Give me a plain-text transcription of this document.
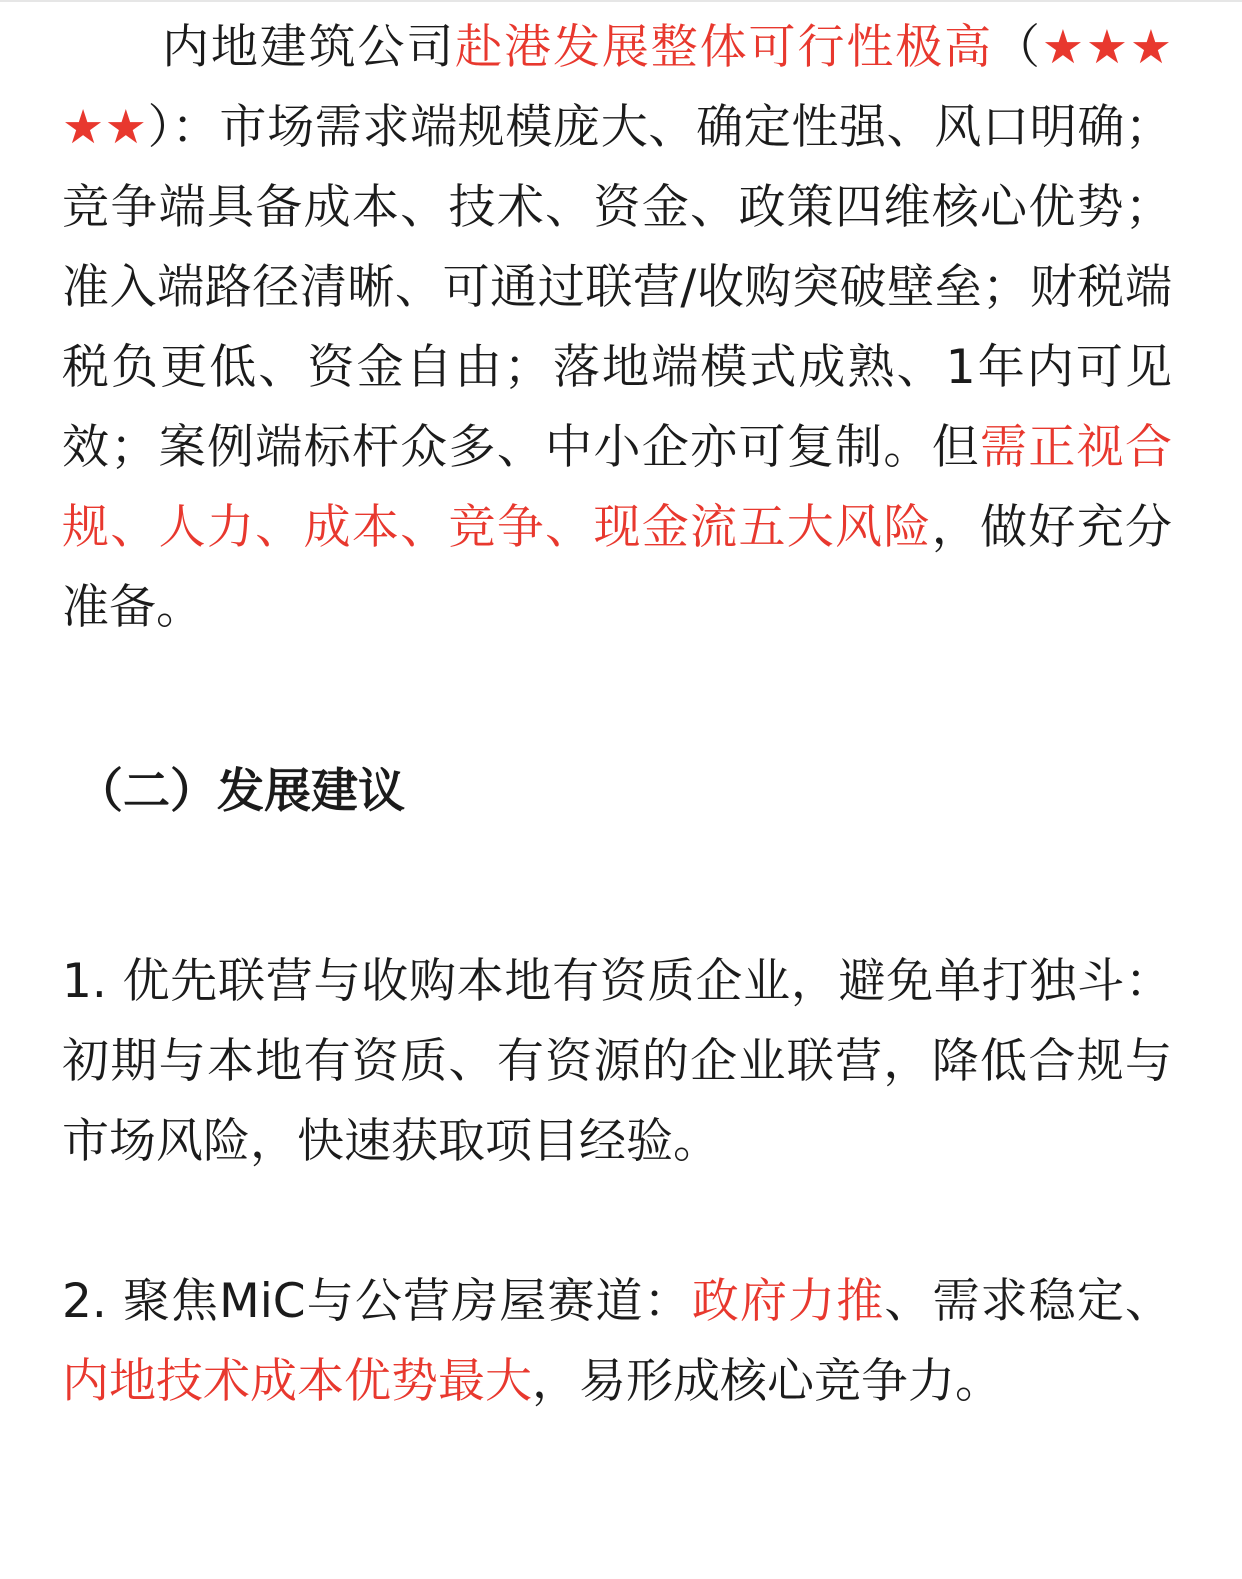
内地建筑公司赴港发展整体可行性极高（★★★★★）：市场需求端规模庞大、确定性强、风口明确；竞争端具备成本、技术、资金、政策四维核心优势；准入端路径清晰、可通过联营/收购突破壁垒；财税端税负更低、资金自由；落地端模式成熟、1年内可见效；案例端标杆众多、中小企亦可复制。但需正视合规、人力、成本、竞争、现金流五大风险，做好充分准备。

（二）发展建议

1. 优先联营与收购本地有资质企业，避免单打独斗：初期与本地有资质、有资源的企业联营，降低合规与市场风险，快速获取项目经验。

2. 聚焦MiC与公营房屋赛道：政府力推、需求稳定、内地技术成本优势最大，易形成核心竞争力。
